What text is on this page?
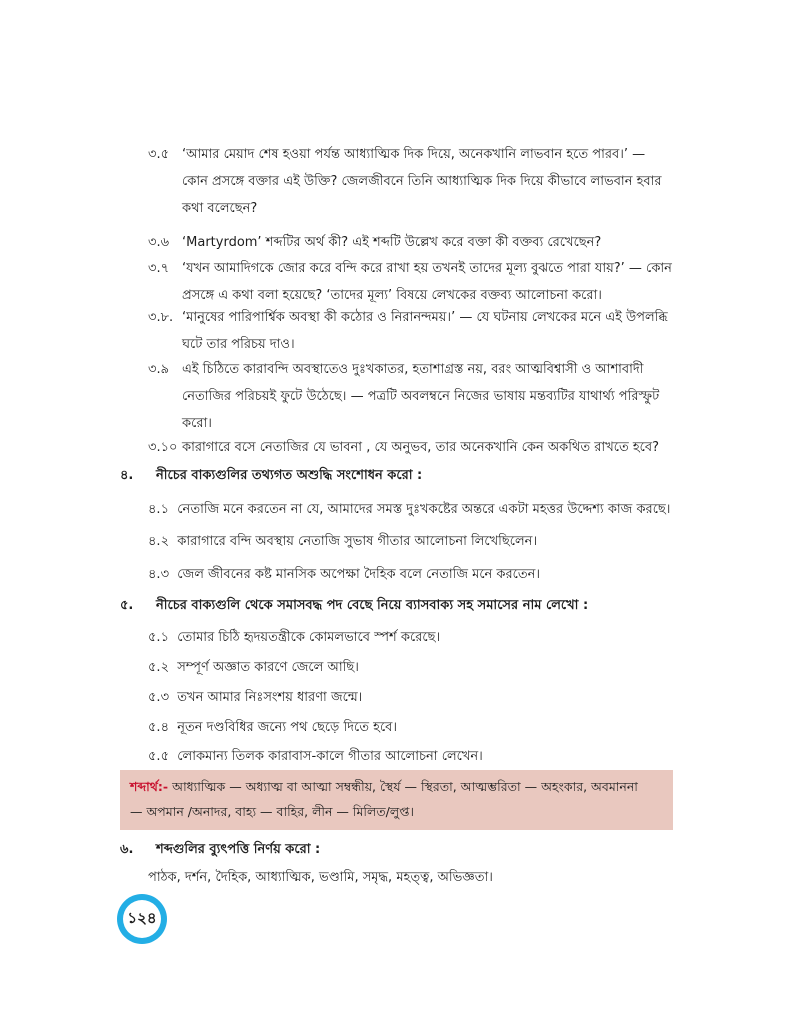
৩.৫ ‘আমার মেয়াদ শেষ হওয়া পর্যন্ত আধ্যাত্মিক দিক দিয়ে, অনেকখানি লাভবান হতে পারব।’ —
কোন প্রসঙ্গে বক্তার এই উক্তি? জেলজীবনে তিনি আধ্যাত্মিক দিক দিয়ে কীভাবে লাভবান হবার
কথা বলেছেন?
৩.৬ ‘Martyrdom’ শব্দটির অর্থ কী? এই শব্দটি উল্লেখ করে বক্তা কী বক্তব্য রেখেছেন?
৩.৭ ‘যখন আমাদিগকে জোর করে বন্দি করে রাখা হয় তখনই তাদের মূল্য বুঝতে পারা যায়?’ — কোন
প্রসঙ্গে এ কথা বলা হয়েছে? ‘তাদের মূল্য’ বিষয়ে লেখকের বক্তব্য আলোচনা করো।
৩.৮. ‘মানুষের পারিপার্শ্বিক অবস্থা কী কঠোর ও নিরানন্দময়।’ — যে ঘটনায় লেখকের মনে এই উপলব্ধি
ঘটে তার পরিচয় দাও।
৩.৯ এই চিঠিতে কারাবন্দি অবস্থাতেও দুঃখকাতর, হতাশাগ্রস্ত নয়, বরং আত্মবিশ্বাসী ও আশাবাদী
নেতাজির পরিচয়ই ফুটে উঠেছে। — পত্রটি অবলম্বনে নিজের ভাষায় মন্তব্যটির যাথার্থ্য পরিস্ফুট
করো।
৩.১০ কারাগারে বসে নেতাজির যে ভাবনা , যে অনুভব, তার অনেকখানি কেন অকথিত রাখতে হবে?
৪. নীচের বাক্যগুলির তথ্যগত অশুদ্ধি সংশোধন করো :
৪.১ নেতাজি মনে করতেন না যে, আমাদের সমস্ত দুঃখকষ্টের অন্তরে একটা মহত্তর উদ্দেশ্য কাজ করছে।
৪.২ কারাগারে বন্দি অবস্থায় নেতাজি সুভাষ গীতার আলোচনা লিখেছিলেন।
৪.৩ জেল জীবনের কষ্ট মানসিক অপেক্ষা দৈহিক বলে নেতাজি মনে করতেন।
৫. নীচের বাক্যগুলি থেকে সমাসবদ্ধ পদ বেছে নিয়ে ব্যাসবাক্য সহ সমাসের নাম লেখো :
৫.১ তোমার চিঠি হৃদয়তন্ত্রীকে কোমলভাবে স্পর্শ করেছে।
৫.২ সম্পূর্ণ অজ্ঞাত কারণে জেলে আছি।
৫.৩ তখন আমার নিঃসংশয় ধারণা জন্মে।
৫.৪ নূতন দণ্ডবিধির জন্যে পথ ছেড়ে দিতে হবে।
৫.৫ লোকমান্য তিলক কারাবাস-কালে গীতার আলোচনা লেখেন।
শব্দার্থ:- আধ্যাত্মিক — অধ্যাত্ম বা আত্মা সম্বন্ধীয়, স্থৈর্য — স্থিরতা, আত্মম্ভরিতা — অহংকার, অবমাননা
— অপমান /অনাদর, বাহ্য — বাহির, লীন — মিলিত/লুপ্ত।
৬. শব্দগুলির ব্যুৎপত্তি নির্ণয় করো :
পাঠক, দর্শন, দৈহিক, আধ্যাত্মিক, ভণ্ডামি, সমৃদ্ধ, মহত্ত্ব, অভিজ্ঞতা।
১২৪
